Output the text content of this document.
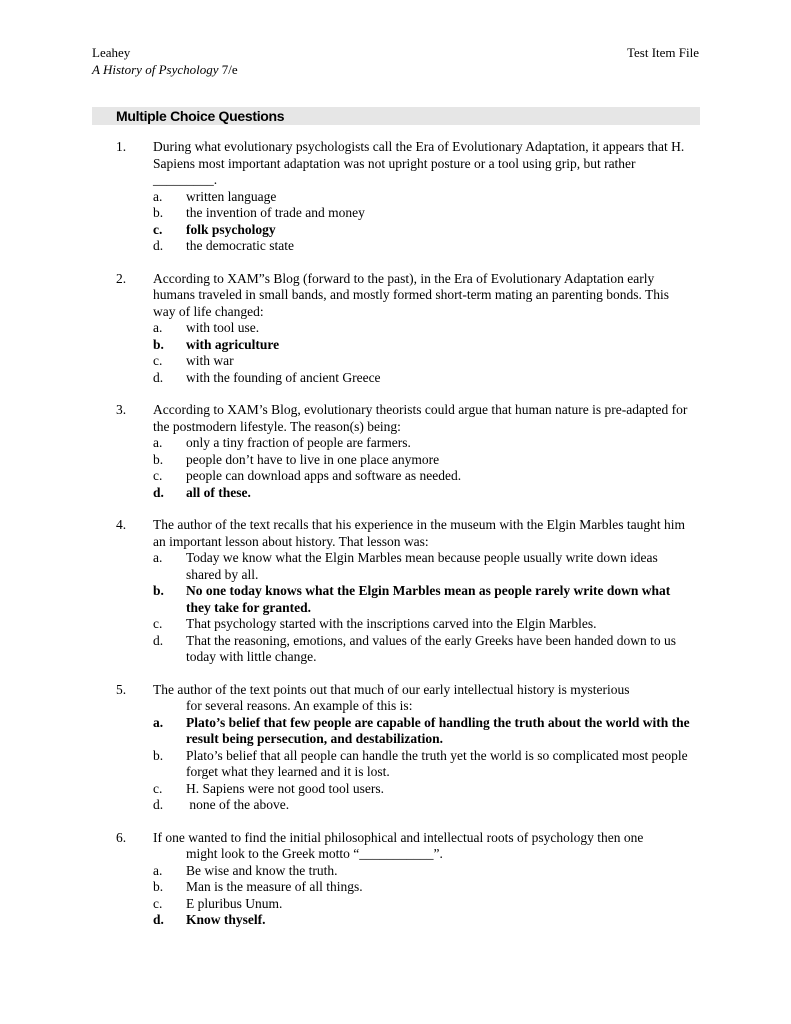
Leahey
A History of Psychology 7/e
Test Item File
Multiple Choice Questions
1. During what evolutionary psychologists call the Era of Evolutionary Adaptation, it appears that H. Sapiens most important adaptation was not upright posture or a tool using grip, but rather _________.
a. written language
b. the invention of trade and money
c. folk psychology
d. the democratic state
2. According to XAM”s Blog (forward to the past), in the Era of Evolutionary Adaptation early humans traveled in small bands, and mostly formed short-term mating an parenting bonds. This way of life changed:
a. with tool use.
b. with agriculture
c. with war
d. with the founding of ancient Greece
3. According to XAM’s Blog, evolutionary theorists could argue that human nature is pre-adapted for the postmodern lifestyle. The reason(s) being:
a. only a tiny fraction of people are farmers.
b. people don’t have to live in one place anymore
c. people can download apps and software as needed.
d. all of these.
4. The author of the text recalls that his experience in the museum with the Elgin Marbles taught him an important lesson about history. That lesson was:
a. Today we know what the Elgin Marbles mean because people usually write down ideas shared by all.
b. No one today knows what the Elgin Marbles mean as people rarely write down what they take for granted.
c. That psychology started with the inscriptions carved into the Elgin Marbles.
d. That the reasoning, emotions, and values of the early Greeks have been handed down to us today with little change.
5. The author of the text points out that much of our early intellectual history is mysterious
for several reasons. An example of this is:
a. Plato’s belief that few people are capable of handling the truth about the world with the result being persecution, and destabilization.
b. Plato’s belief that all people can handle the truth yet the world is so complicated most people forget what they learned and it is lost.
c. H. Sapiens were not good tool users.
d. none of the above.
6. If one wanted to find the initial philosophical and intellectual roots of psychology then one
might look to the Greek motto “___________”.
a. Be wise and know the truth.
b. Man is the measure of all things.
c. E pluribus Unum.
d. Know thyself.
